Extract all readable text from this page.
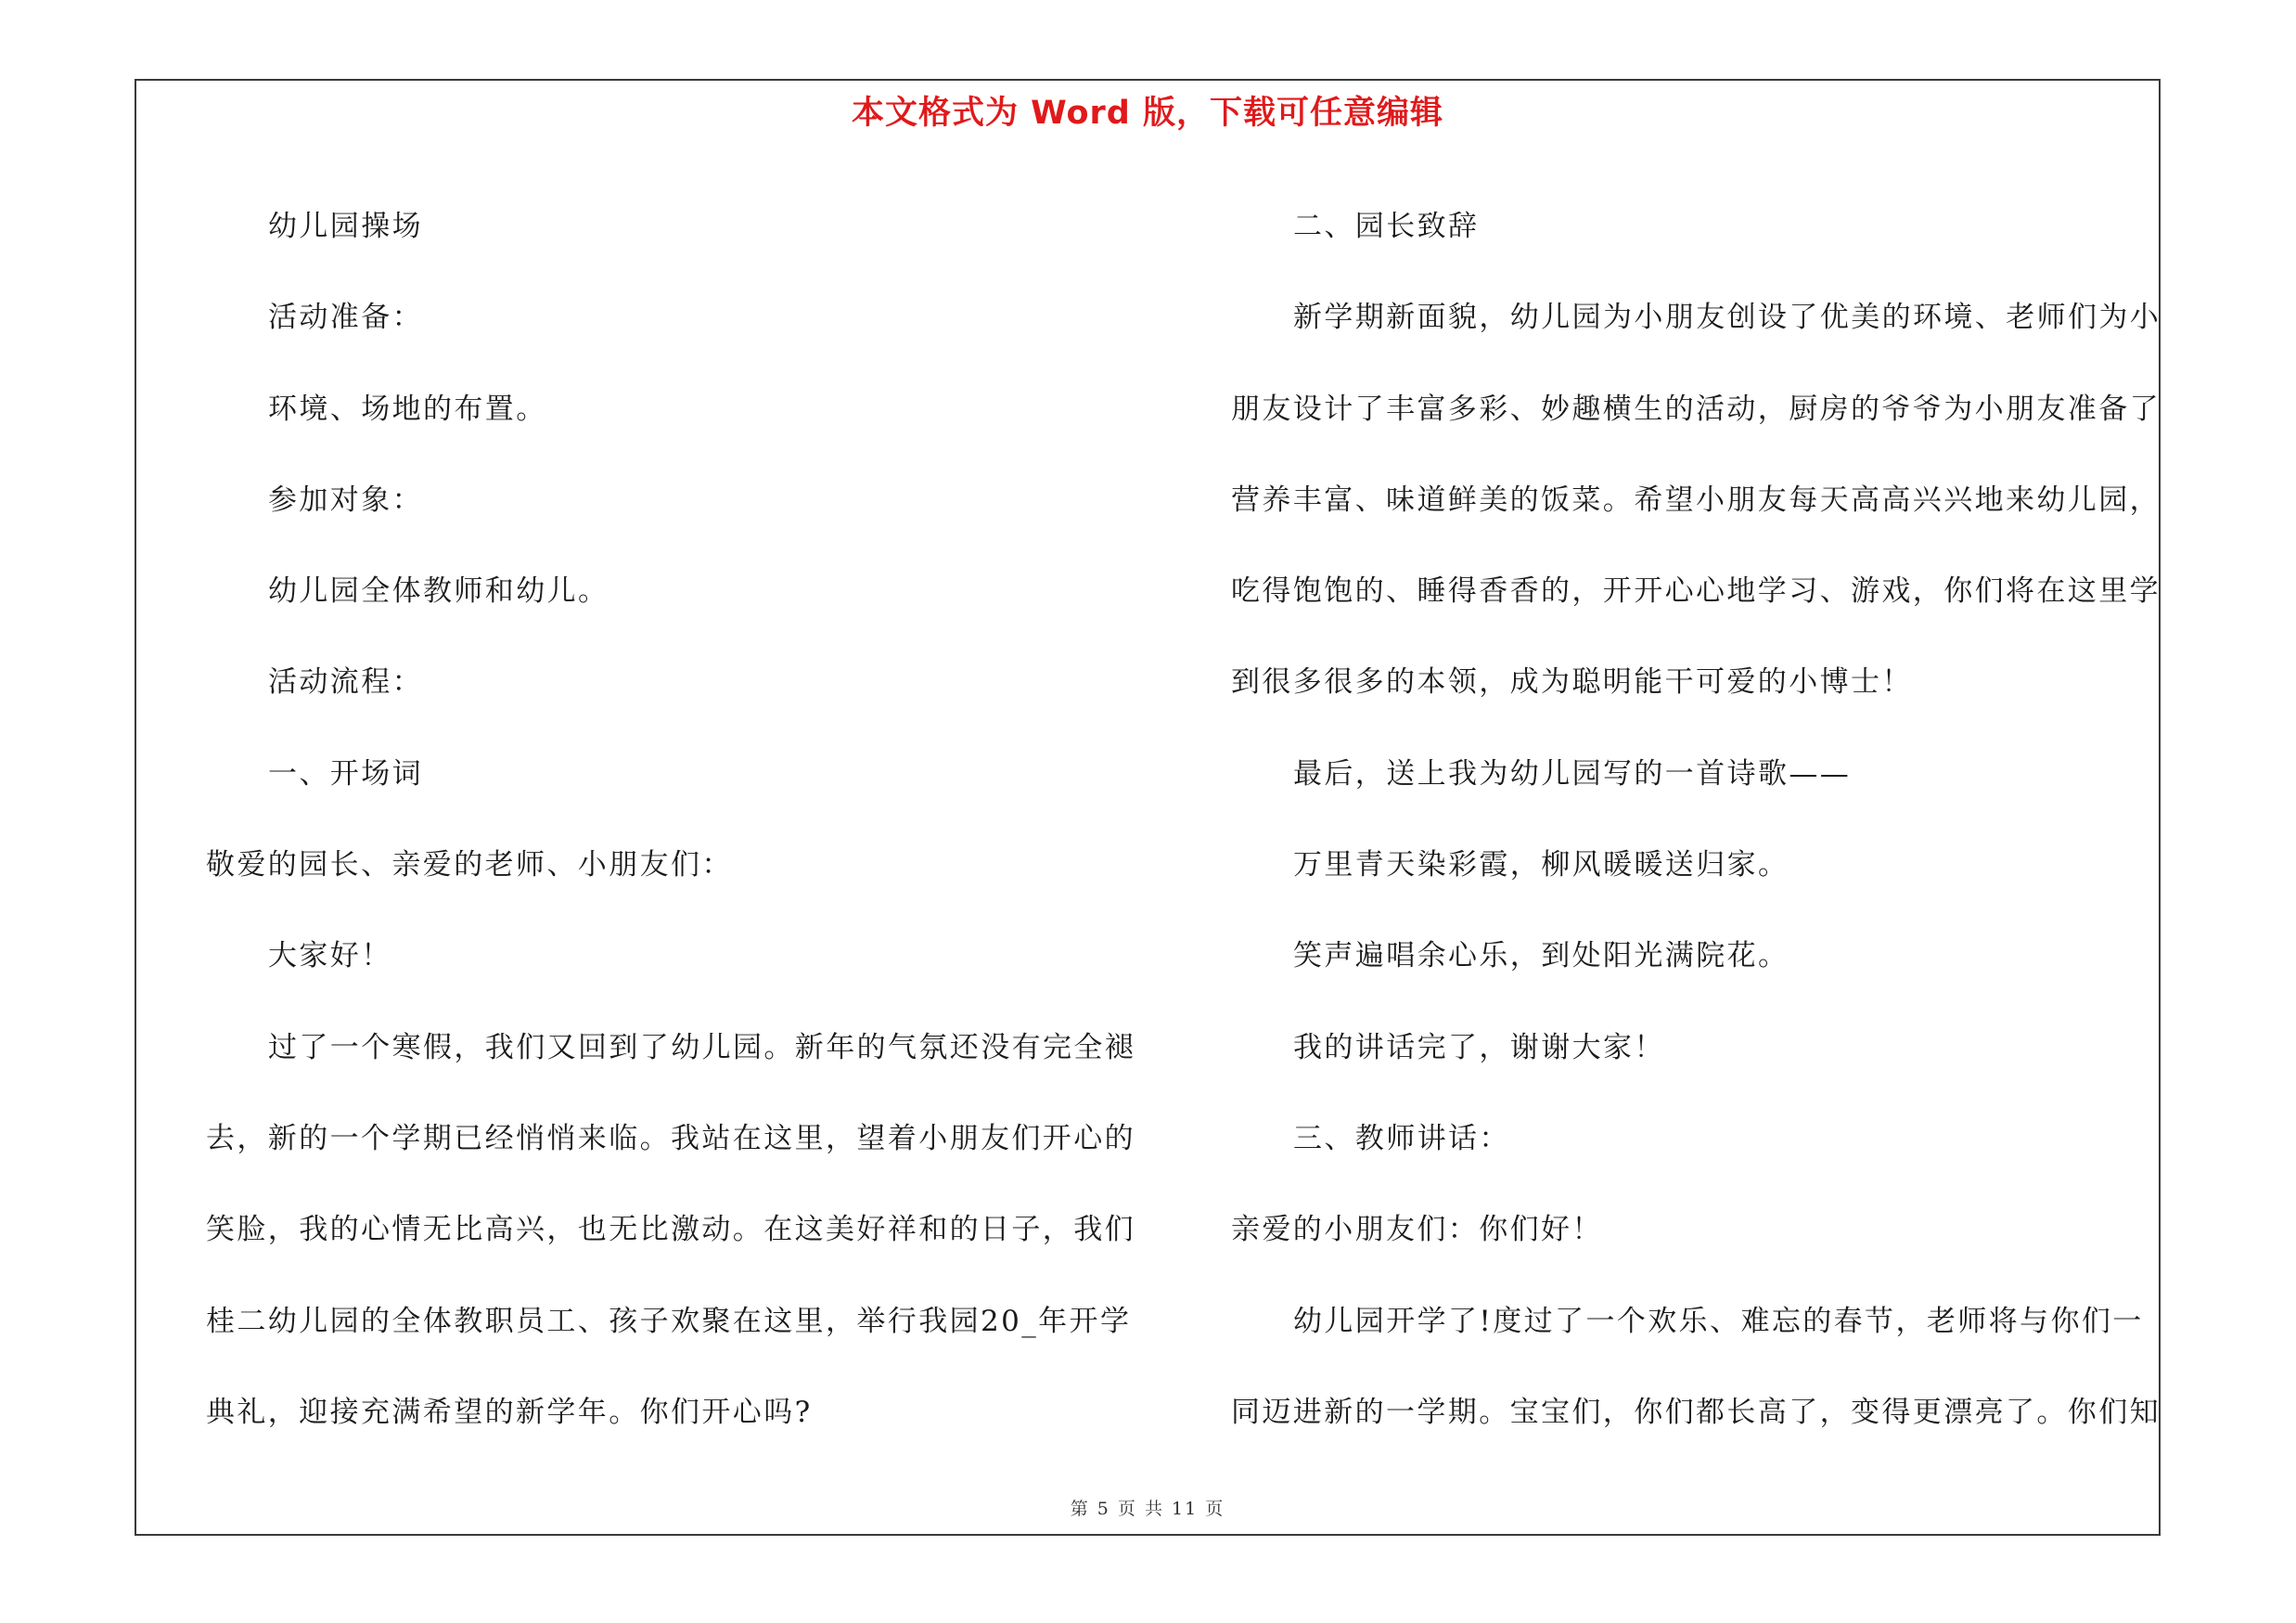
本文格式为 Word 版，下载可任意编辑
幼儿园操场
活动准备：
环境、场地的布置。
参加对象：
幼儿园全体教师和幼儿。
活动流程：
一、开场词
敬爱的园长、亲爱的老师、小朋友们：
大家好！
过了一个寒假，我们又回到了幼儿园。新年的气氛还没有完全褪
去，新的一个学期已经悄悄来临。我站在这里，望着小朋友们开心的
笑脸，我的心情无比高兴，也无比激动。在这美好祥和的日子，我们
桂二幼儿园的全体教职员工、孩子欢聚在这里，举行我园20_年开学
典礼，迎接充满希望的新学年。你们开心吗?
二、园长致辞
新学期新面貌，幼儿园为小朋友创设了优美的环境、老师们为小
朋友设计了丰富多彩、妙趣横生的活动，厨房的爷爷为小朋友准备了
营养丰富、味道鲜美的饭菜。希望小朋友每天高高兴兴地来幼儿园，
吃得饱饱的、睡得香香的，开开心心地学习、游戏，你们将在这里学
到很多很多的本领，成为聪明能干可爱的小博士！
最后，送上我为幼儿园写的一首诗歌——
万里青天染彩霞，柳风暖暖送归家。
笑声遍唱余心乐，到处阳光满院花。
我的讲话完了，谢谢大家！
三、教师讲话：
亲爱的小朋友们：你们好！
幼儿园开学了!度过了一个欢乐、难忘的春节，老师将与你们一
同迈进新的一学期。宝宝们，你们都长高了，变得更漂亮了。你们知
第 5 页 共 11 页
